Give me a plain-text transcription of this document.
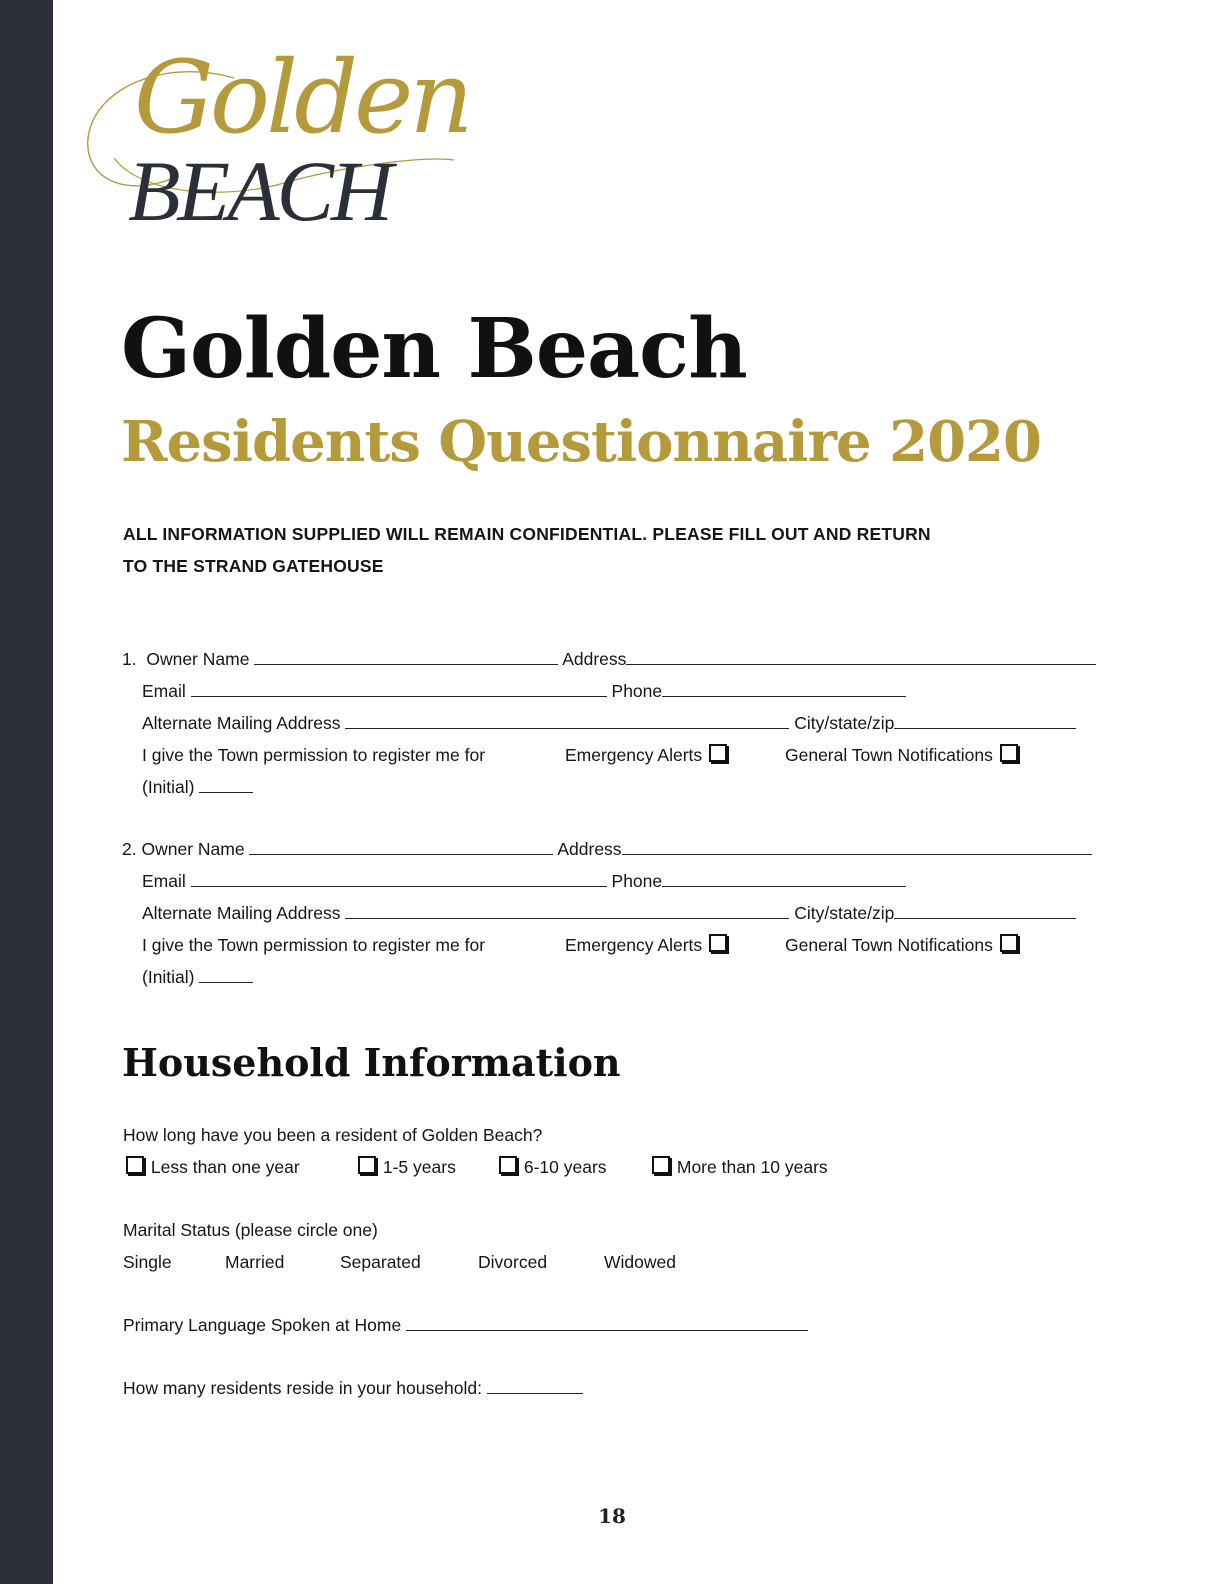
Golden
BEACH
Golden Beach
Residents Questionnaire 2020
ALL INFORMATION SUPPLIED WILL REMAIN CONFIDENTIAL. PLEASE FILL OUT AND RETURN
TO THE STRAND GATEHOUSE
1. Owner Name	Address
Email	Phone
Alternate Mailing Address	City/state/zip
I give the Town permission to register me for	Emergency Alerts	General Town Notifications
(Initial)
2. Owner Name	Address
Email	Phone
Alternate Mailing Address	City/state/zip
I give the Town permission to register me for	Emergency Alerts	General Town Notifications
(Initial)
Household Information
How long have you been a resident of Golden Beach?
Less than one year	1-5 years	6-10 years	More than 10 years
Marital Status (please circle one)
Single	Married	Separated	Divorced	Widowed
Primary Language Spoken at Home
How many residents reside in your household:
18
